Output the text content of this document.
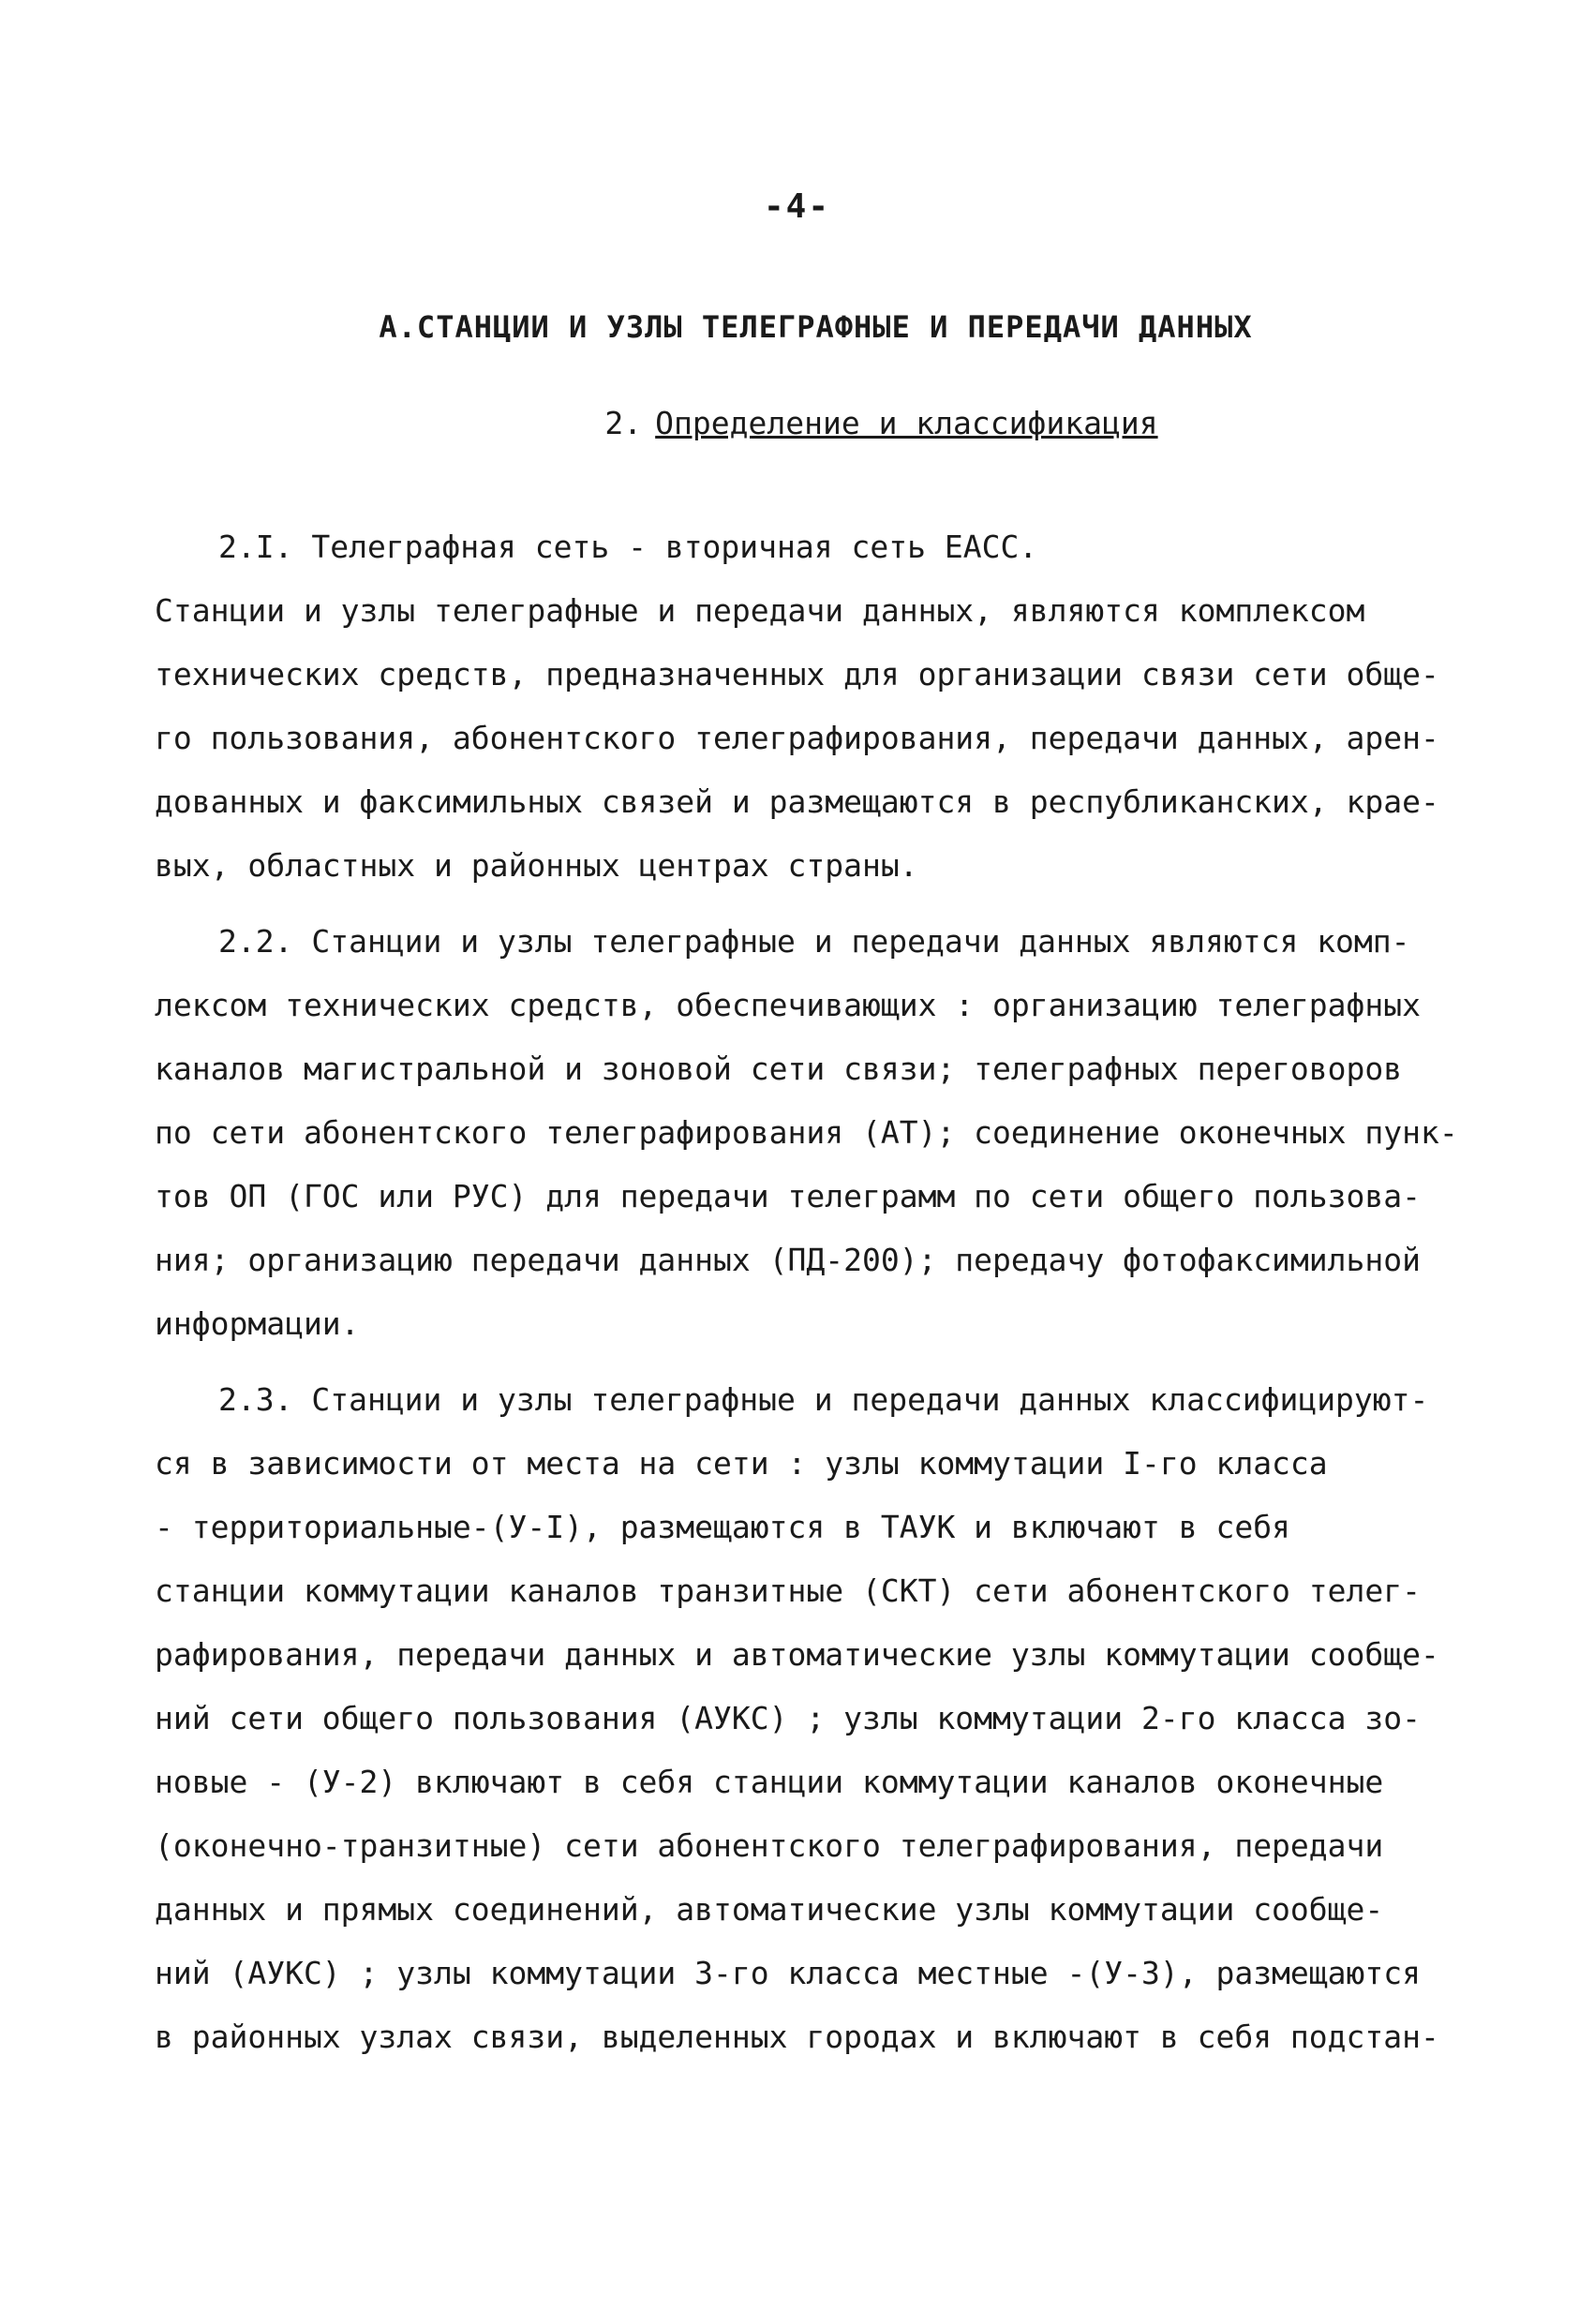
-4-
А.СТАНЦИИ И УЗЛЫ ТЕЛЕГРАФНЫЕ И ПЕРЕДАЧИ ДАННЫХ
2. Определение и классификация
2.I. Телеграфная сеть - вторичная сеть ЕАСС.
Станции и узлы телеграфные и передачи данных, являются комплексом
технических средств, предназначенных для организации связи сети обще-
го пользования, абонентского телеграфирования, передачи данных, арен-
дованных и факсимильных связей и размещаются в республиканских, крае-
вых, областных и районных центрах страны.
2.2. Станции и узлы телеграфные и передачи данных являются комп-
лексом технических средств, обеспечивающих : организацию телеграфных
каналов магистральной и зоновой сети связи; телеграфных переговоров
по сети абонентского телеграфирования (АТ); соединение оконечных пунк-
тов ОП (ГОС или РУС) для передачи телеграмм по сети общего пользова-
ния; организацию передачи данных (ПД-200); передачу фотофаксимильной
информации.
2.3. Станции и узлы телеграфные и передачи данных классифицируют-
ся в зависимости от места на сети : узлы коммутации I-го класса
- территориальные-(У-I), размещаются в ТАУК и включают в себя
станции коммутации каналов транзитные (СКТ) сети абонентского телег-
рафирования, передачи данных и автоматические узлы коммутации сообще-
ний сети общего пользования (АУКС) ; узлы коммутации 2-го класса зо-
новые - (У-2) включают в себя станции коммутации каналов оконечные
(оконечно-транзитные) сети абонентского телеграфирования, передачи
данных и прямых соединений, автоматические узлы коммутации сообще-
ний (АУКС) ; узлы коммутации 3-го класса местные -(У-3), размещаются
в районных узлах связи, выделенных городах и включают в себя подстан-
